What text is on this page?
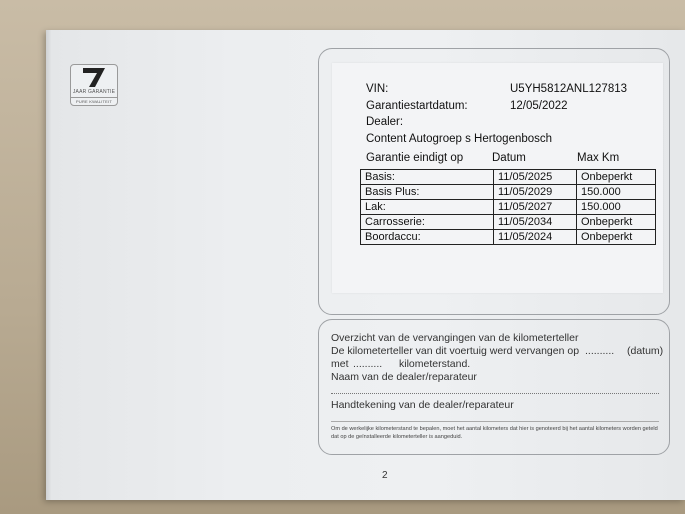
JAAR GARANTIE
PURE KWALITEIT
VIN:	U5YH5812ANL127813
Garantiestartdatum:	12/05/2022
Dealer:
Content Autogroep s Hertogenbosch
Garantie eindigt op	Datum	Max Km
Basis:	11/05/2025	Onbeperkt
Basis Plus:	11/05/2029	150.000
Lak:	11/05/2027	150.000
Carrosserie:	11/05/2034	Onbeperkt
Boordaccu:	11/05/2024	Onbeperkt
Overzicht van de vervangingen van de kilometerteller
De kilometerteller van dit voertuig werd vervangen op .......... (datum)
met .......... kilometerstand.
Naam van de dealer/reparateur
Handtekening van de dealer/reparateur
Om de werkelijke kilometerstand te bepalen, moet het aantal kilometers dat hier is genoteerd bij het aantal kilometers worden geteld dat op de geïnstalleerde kilometerteller is aangeduid.
2
